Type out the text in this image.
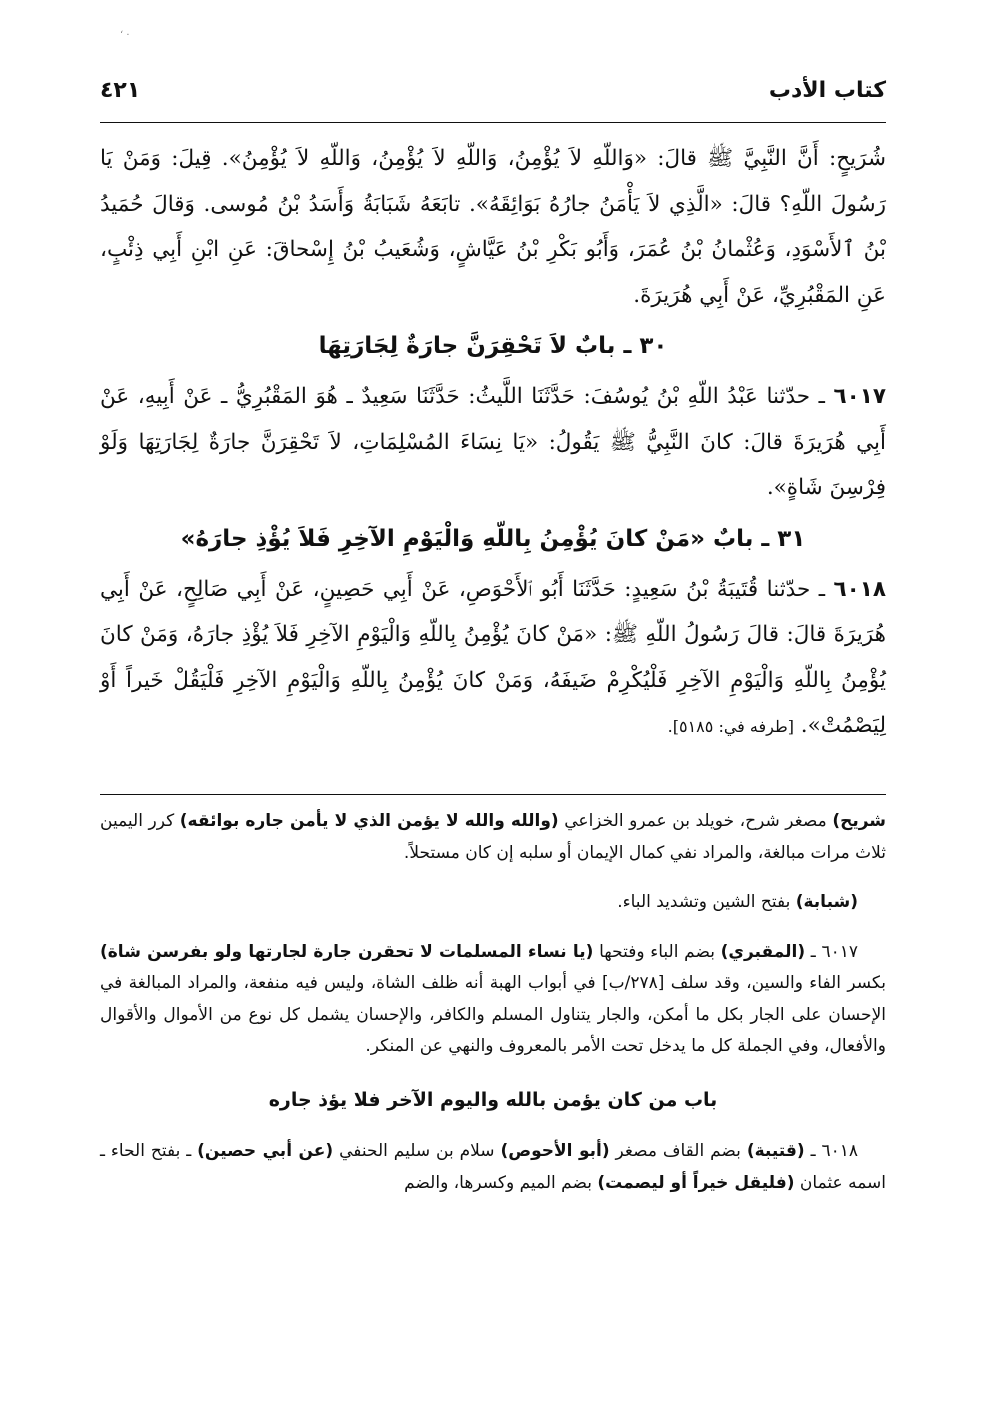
ʻ ·
كتاب الأدب
٤٢١

شُرَيحٍ: أَنَّ النَّبِيَّ ﷺ قالَ: «وَاللّهِ لاَ يُؤْمِنُ، وَاللّهِ لاَ يُؤْمِنُ، وَاللّهِ لاَ يُؤْمِنُ». قِيلَ: وَمَنْ يَا رَسُولَ اللّهِ؟ قالَ: «الَّذِي لاَ يَأْمَنُ جارُهُ بَوَائِقَهُ». تابَعَهُ شَبَابَةُ وَأَسَدُ بْنُ مُوسى. وَقالَ حُمَيدُ بْنُ ٱلأَسْوَدِ، وَعُثْمانُ بْنُ عُمَرَ، وَأَبُو بَكْرِ بْنُ عَيَّاشٍ، وَشُعَيبُ بْنُ إِسْحاقَ: عَنِ ابْنِ أَبِي ذِئْبٍ، عَنِ المَقْبُرِيِّ، عَنْ أَبِي هُرَيرَةَ.

٣٠ ـ بابٌ لاَ تَحْقِرَنَّ جارَةٌ لِجَارَتِهَا

٦٠١٧ ـ حدّثنا عَبْدُ اللّهِ بْنُ يُوسُفَ: حَدَّثَنَا اللَّيثُ: حَدَّثَنَا سَعِيدٌ ـ هُوَ المَقْبُرِيُّ ـ عَنْ أَبِيهِ، عَنْ أَبِي هُرَيرَةَ قالَ: كانَ النَّبِيُّ ﷺ يَقُولُ: «يَا نِسَاءَ المُسْلِمَاتِ، لاَ تَحْقِرَنَّ جارَةٌ لِجَارَتِهَا وَلَوْ فِرْسِنَ شَاةٍ».

٣١ ـ بابٌ «مَنْ كانَ يُؤْمِنُ بِاللّهِ وَالْيَوْمِ الآخِرِ فَلاَ يُؤْذِ جارَهُ»

٦٠١٨ ـ حدّثنا قُتَيبَةُ بْنُ سَعِيدٍ: حَدَّثَنَا أَبُو ٱلأَحْوَصِ، عَنْ أَبِي حَصِينٍ، عَنْ أَبِي صَالِحٍ، عَنْ أَبِي هُرَيرَةَ قالَ: قالَ رَسُولُ اللّهِ ﷺ: «مَنْ كانَ يُؤْمِنُ بِاللّهِ وَالْيَوْمِ الآخِرِ فَلاَ يُؤْذِ جارَهُ، وَمَنْ كانَ يُؤْمِنُ بِاللّهِ وَالْيَوْمِ الآخِرِ فَلْيُكْرِمْ ضَيفَهُ، وَمَنْ كانَ يُؤْمِنُ بِاللّهِ وَالْيَوْمِ الآخِرِ فَلْيَقُلْ خَيراً أَوْ لِيَصْمُتْ». [طرفه في: ٥١٨٥].

شريح) مصغر شرح، خويلد بن عمرو الخزاعي (والله والله لا يؤمن الذي لا يأمن جاره بوائقه) كرر اليمين ثلاث مرات مبالغة، والمراد نفي كمال الإيمان أو سلبه إن كان مستحلاً.

(شبابة) بفتح الشين وتشديد الباء.

٦٠١٧ ـ (المقبري) بضم الباء وفتحها (يا نساء المسلمات لا تحقرن جارة لجارتها ولو بفرسن شاة) بكسر الفاء والسين، وقد سلف [٢٧٨/ب] في أبواب الهبة أنه ظلف الشاة، وليس فيه منفعة، والمراد المبالغة في الإحسان على الجار بكل ما أمكن، والجار يتناول المسلم والكافر، والإحسان يشمل كل نوع من الأموال والأقوال والأفعال، وفي الجملة كل ما يدخل تحت الأمر بالمعروف والنهي عن المنكر.

باب من كان يؤمن بالله واليوم الآخر فلا يؤذ جاره

٦٠١٨ ـ (قتيبة) بضم القاف مصغر (أبو الأحوص) سلام بن سليم الحنفي (عن أبي حصين) ـ بفتح الحاء ـ اسمه عثمان (فليقل خيراً أو ليصمت) بضم الميم وكسرها، والضم
